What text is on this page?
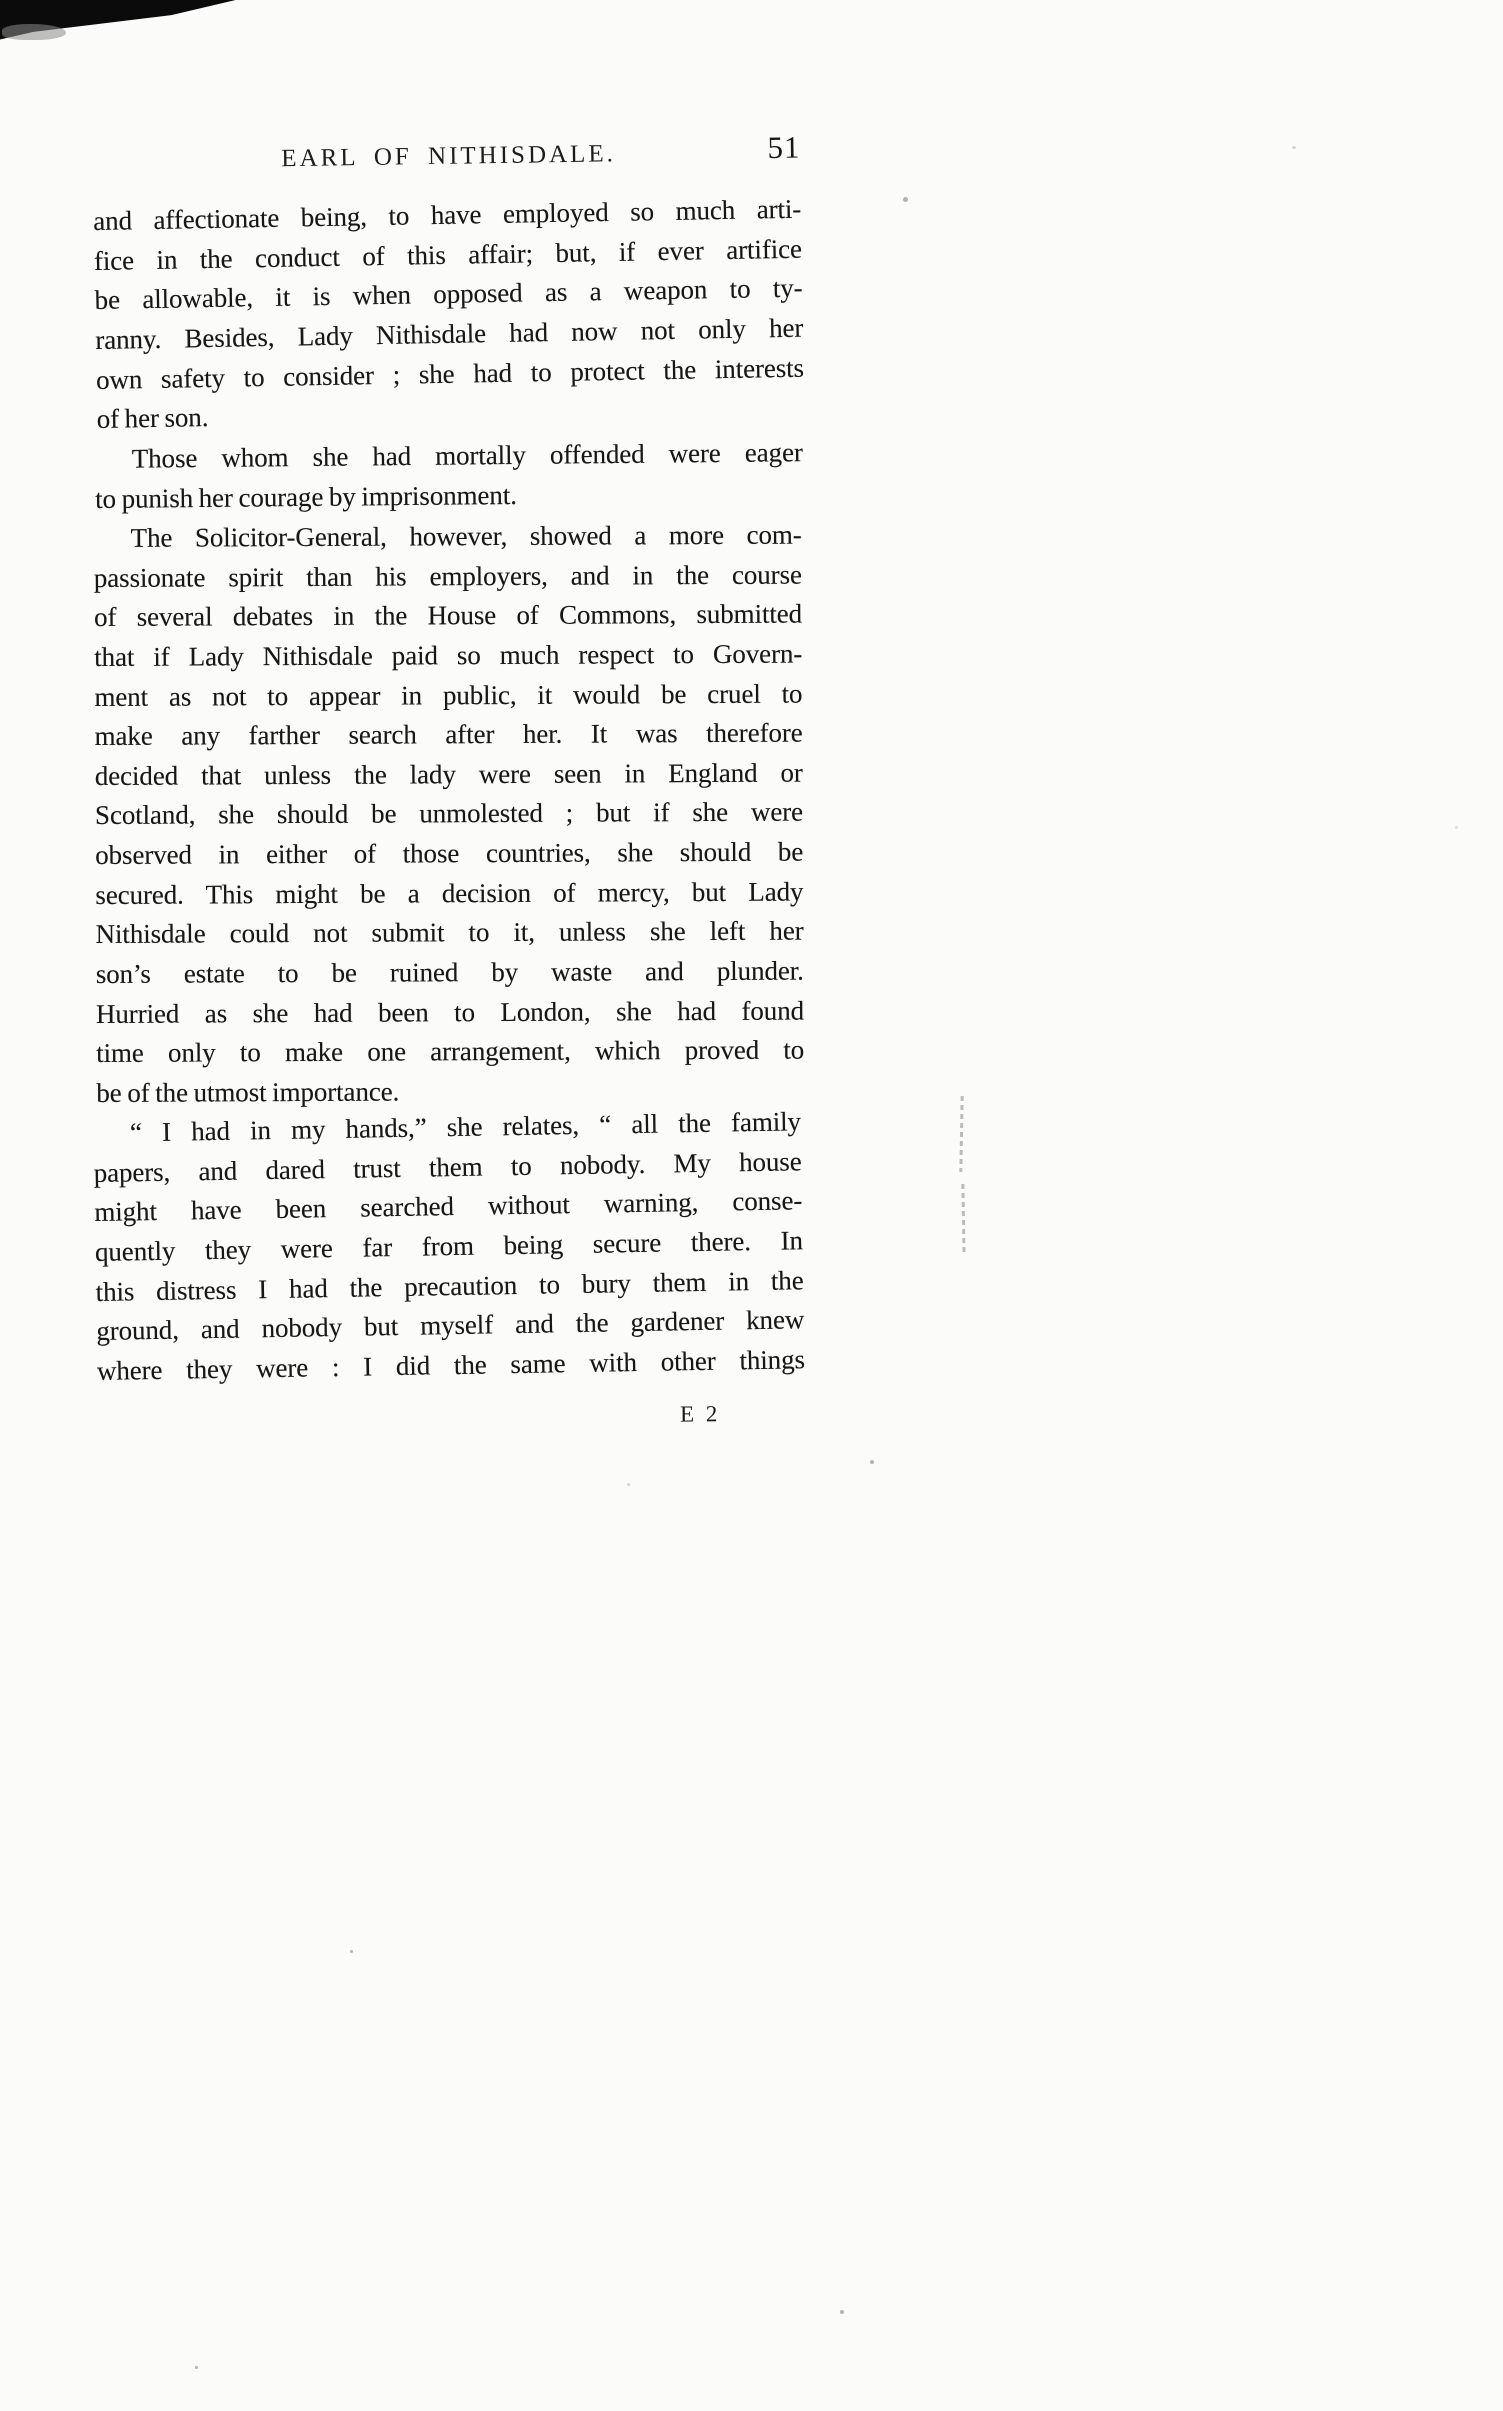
EARL OF NITHISDALE.	51
and affectionate being, to have employed so much arti-
fice in the conduct of this affair; but, if ever artifice
be allowable, it is when opposed as a weapon to ty-
ranny. Besides, Lady Nithisdale had now not only her
own safety to consider ; she had to protect the interests
of her son.
Those whom she had mortally offended were eager
to punish her courage by imprisonment.
The Solicitor-General, however, showed a more com-
passionate spirit than his employers, and in the course
of several debates in the House of Commons, submitted
that if Lady Nithisdale paid so much respect to Govern-
ment as not to appear in public, it would be cruel to
make any farther search after her. It was therefore
decided that unless the lady were seen in England or
Scotland, she should be unmolested ; but if she were
observed in either of those countries, she should be
secured. This might be a decision of mercy, but Lady
Nithisdale could not submit to it, unless she left her
son’s estate to be ruined by waste and plunder.
Hurried as she had been to London, she had found
time only to make one arrangement, which proved to
be of the utmost importance.
“ I had in my hands,” she relates, “ all the family
papers, and dared trust them to nobody. My house
might have been searched without warning, conse-
quently they were far from being secure there. In
this distress I had the precaution to bury them in the
ground, and nobody but myself and the gardener knew
where they were : I did the same with other things
E 2
